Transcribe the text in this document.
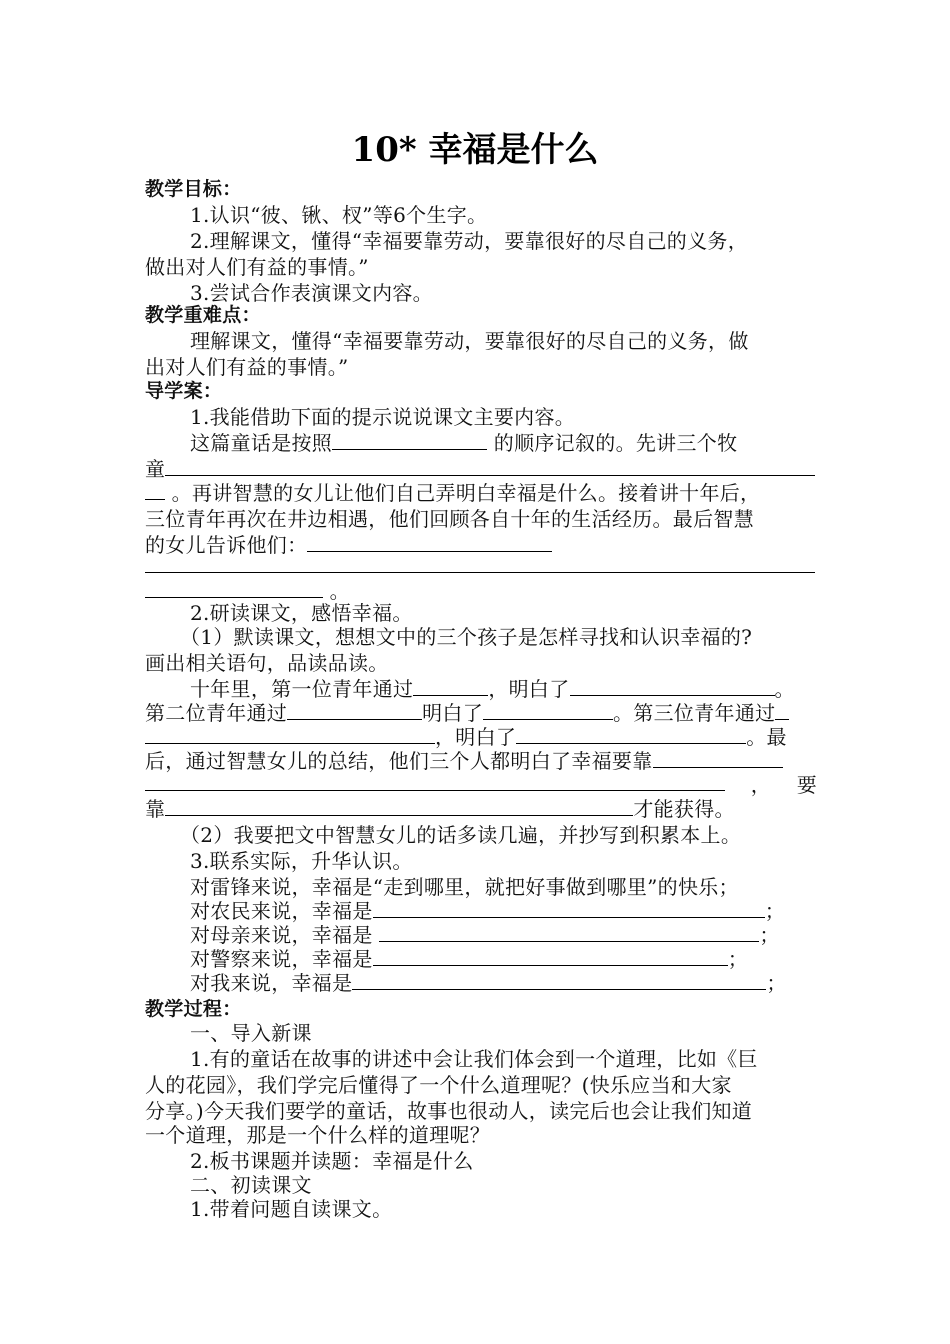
10* 幸福是什么
教学目标：
1.认识“彼、锹、杈”等6个生字。
2.理解课文，懂得“幸福要靠劳动，要靠很好的尽自己的义务，
做出对人们有益的事情。”
3.尝试合作表演课文内容。
教学重难点：
理解课文，懂得“幸福要靠劳动，要靠很好的尽自己的义务，做
出对人们有益的事情。”
导学案：
1.我能借助下面的提示说说课文主要内容。
这篇童话是按照	的顺序记叙的。先讲三个牧
童
。再讲智慧的女儿让他们自己弄明白幸福是什么。接着讲十年后，
三位青年再次在井边相遇，他们回顾各自十年的生活经历。最后智慧
的女儿告诉他们：
。
2.研读课文，感悟幸福。
（1）默读课文，想想文中的三个孩子是怎样寻找和认识幸福的?
画出相关语句，品读品读。
十年里，第一位青年通过	，明白了	。
第二位青年通过	明白了	。第三位青年通过
，明白了	。最
后，通过智慧女儿的总结，他们三个人都明白了幸福要靠
， 要
靠	才能获得。
（2）我要把文中智慧女儿的话多读几遍，并抄写到积累本上。
3.联系实际，升华认识。
对雷锋来说，幸福是“走到哪里，就把好事做到哪里”的快乐；
对农民来说，幸福是	；
对母亲来说，幸福是	；
对警察来说，幸福是	；
对我来说，幸福是	；
教学过程：
一、导入新课
1.有的童话在故事的讲述中会让我们体会到一个道理，比如《巨
人的花园》，我们学完后懂得了一个什么道理呢？(快乐应当和大家
分享。)今天我们要学的童话，故事也很动人，读完后也会让我们知道
一个道理，那是一个什么样的道理呢？
2.板书课题并读题：幸福是什么
二、初读课文
1.带着问题自读课文。
